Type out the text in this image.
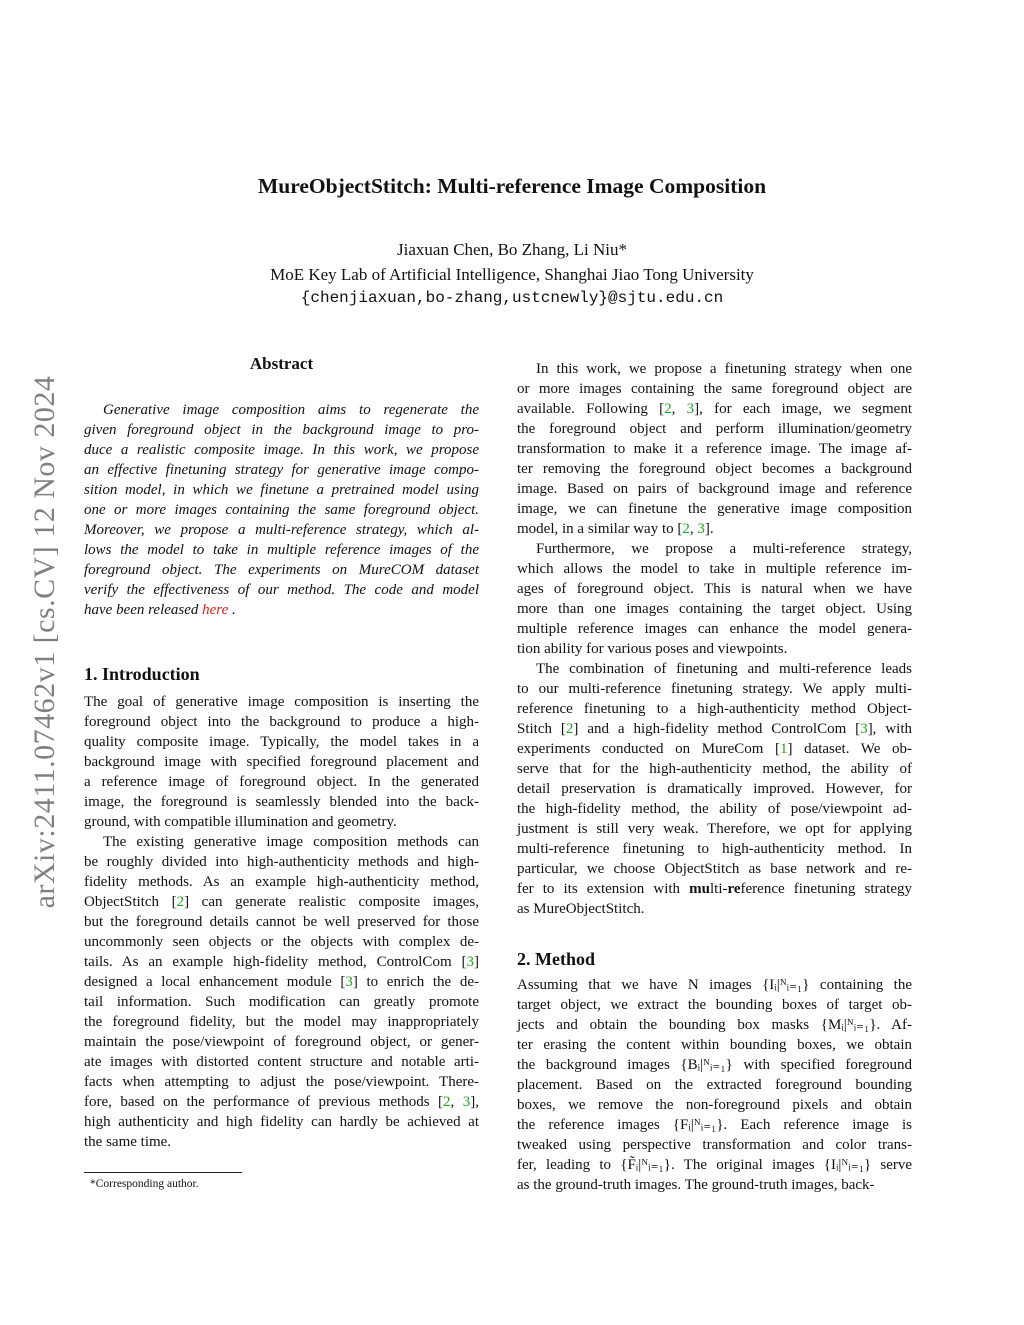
arXiv:2411.07462v1 [cs.CV] 12 Nov 2024
MureObjectStitch: Multi-reference Image Composition
Jiaxuan Chen, Bo Zhang, Li Niu*
MoE Key Lab of Artificial Intelligence, Shanghai Jiao Tong University
{chenjiaxuan,bo-zhang,ustcnewly}@sjtu.edu.cn
Abstract
Generative image composition aims to regenerate the
given foreground object in the background image to pro-
duce a realistic composite image. In this work, we propose
an effective finetuning strategy for generative image compo-
sition model, in which we finetune a pretrained model using
one or more images containing the same foreground object.
Moreover, we propose a multi-reference strategy, which al-
lows the model to take in multiple reference images of the
foreground object. The experiments on MureCOM dataset
verify the effectiveness of our method. The code and model
have been released here .
1. Introduction
The goal of generative image composition is inserting the
foreground object into the background to produce a high-
quality composite image. Typically, the model takes in a
background image with specified foreground placement and
a reference image of foreground object. In the generated
image, the foreground is seamlessly blended into the back-
ground, with compatible illumination and geometry.
The existing generative image composition methods can
be roughly divided into high-authenticity methods and high-
fidelity methods. As an example high-authenticity method,
ObjectStitch [2] can generate realistic composite images,
but the foreground details cannot be well preserved for those
uncommonly seen objects or the objects with complex de-
tails. As an example high-fidelity method, ControlCom [3]
designed a local enhancement module [3] to enrich the de-
tail information. Such modification can greatly promote
the foreground fidelity, but the model may inappropriately
maintain the pose/viewpoint of foreground object, or gener-
ate images with distorted content structure and notable arti-
facts when attempting to adjust the pose/viewpoint. There-
fore, based on the performance of previous methods [2, 3],
high authenticity and high fidelity can hardly be achieved at
the same time.
In this work, we propose a finetuning strategy when one
or more images containing the same foreground object are
available. Following [2, 3], for each image, we segment
the foreground object and perform illumination/geometry
transformation to make it a reference image. The image af-
ter removing the foreground object becomes a background
image. Based on pairs of background image and reference
image, we can finetune the generative image composition
model, in a similar way to [2, 3].
Furthermore, we propose a multi-reference strategy,
which allows the model to take in multiple reference im-
ages of foreground object. This is natural when we have
more than one images containing the target object. Using
multiple reference images can enhance the model genera-
tion ability for various poses and viewpoints.
The combination of finetuning and multi-reference leads
to our multi-reference finetuning strategy. We apply multi-
reference finetuning to a high-authenticity method Object-
Stitch [2] and a high-fidelity method ControlCom [3], with
experiments conducted on MureCom [1] dataset. We ob-
serve that for the high-authenticity method, the ability of
detail preservation is dramatically improved. However, for
the high-fidelity method, the ability of pose/viewpoint ad-
justment is still very weak. Therefore, we opt for applying
multi-reference finetuning to high-authenticity method. In
particular, we choose ObjectStitch as base network and re-
fer to its extension with multi-reference finetuning strategy
as MureObjectStitch.
2. Method
Assuming that we have N images {Iᵢ|ᴺᵢ₌₁} containing the
target object, we extract the bounding boxes of target ob-
jects and obtain the bounding box masks {Mᵢ|ᴺᵢ₌₁}. Af-
ter erasing the content within bounding boxes, we obtain
the background images {Bᵢ|ᴺᵢ₌₁} with specified foreground
placement. Based on the extracted foreground bounding
boxes, we remove the non-foreground pixels and obtain
the reference images {Fᵢ|ᴺᵢ₌₁}. Each reference image is
tweaked using perspective transformation and color trans-
fer, leading to {F̃ᵢ|ᴺᵢ₌₁}. The original images {Iᵢ|ᴺᵢ₌₁} serve
as the ground-truth images. The ground-truth images, back-
*Corresponding author.
